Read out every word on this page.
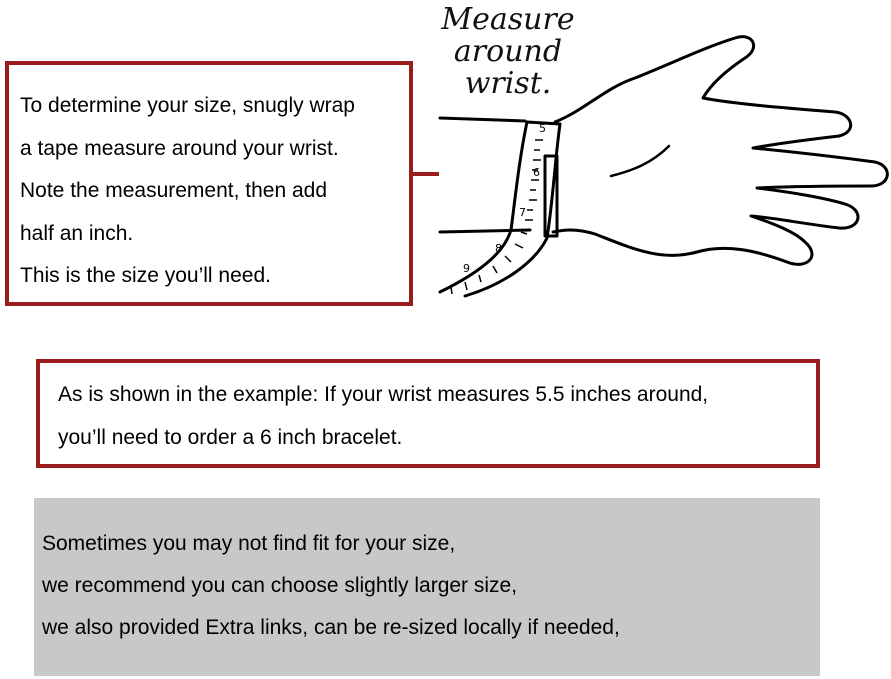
5
6
7
8
9
Measure
around
wrist.
To determine your size, snugly wrap
a tape measure around your wrist.
Note the measurement, then add
half an inch.
This is the size you’ll need.
As is shown in the example: If your wrist measures 5.5 inches around,
you’ll need to order a 6 inch bracelet.
Sometimes you may not find fit for your size,
we recommend you can choose slightly larger size,
we also provided Extra links, can be re-sized locally if needed,
